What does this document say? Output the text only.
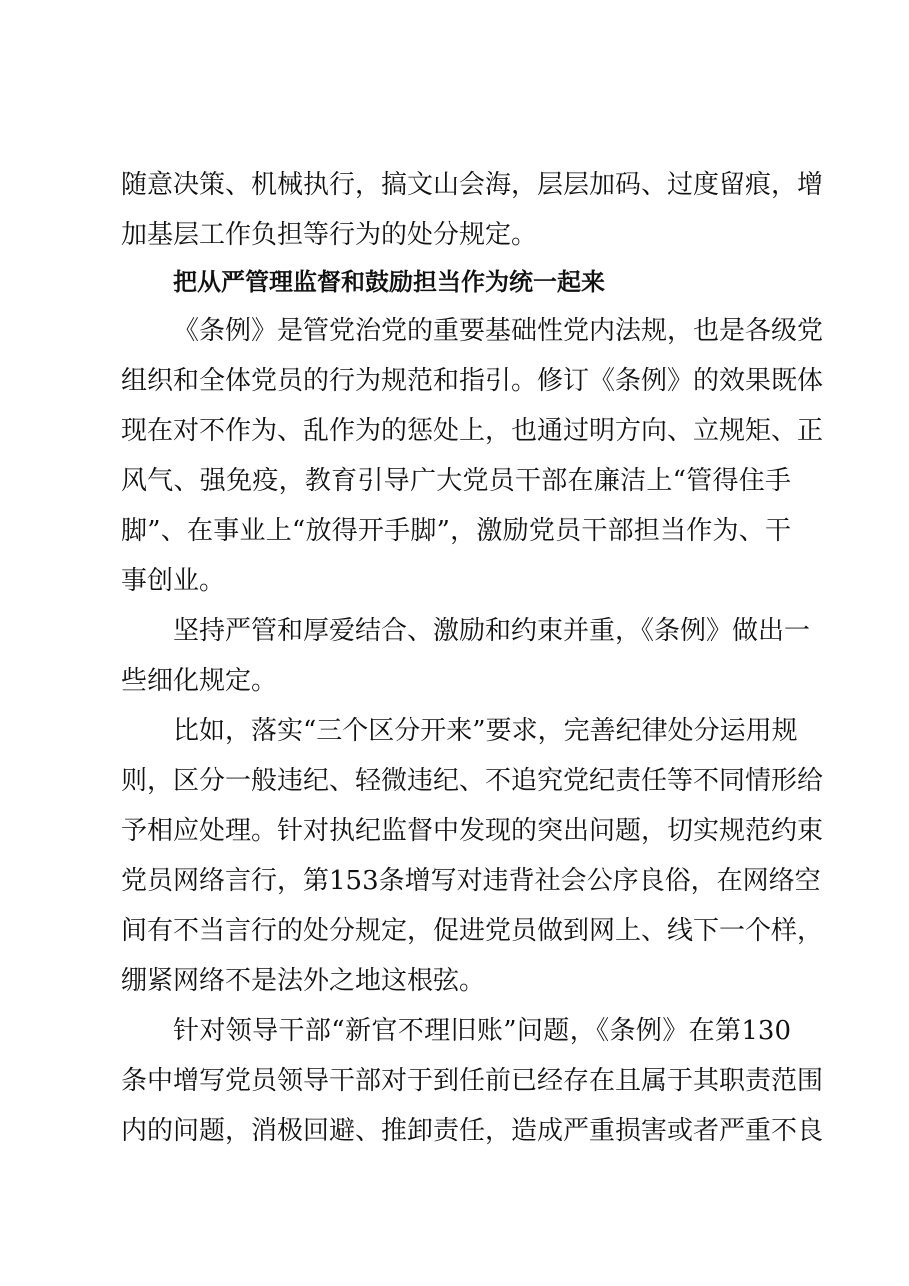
随意决策、机械执行，搞文山会海，层层加码、过度留痕，增
加基层工作负担等行为的处分规定。
把从严管理监督和鼓励担当作为统一起来
《条例》是管党治党的重要基础性党内法规，也是各级党
组织和全体党员的行为规范和指引。修订《条例》的效果既体
现在对不作为、乱作为的惩处上，也通过明方向、立规矩、正
风气、强免疫，教育引导广大党员干部在廉洁上“管得住手
脚”、在事业上“放得开手脚”，激励党员干部担当作为、干
事创业。
坚持严管和厚爱结合、激励和约束并重，《条例》做出一
些细化规定。
比如，落实“三个区分开来”要求，完善纪律处分运用规
则，区分一般违纪、轻微违纪、不追究党纪责任等不同情形给
予相应处理。针对执纪监督中发现的突出问题，切实规范约束
党员网络言行，第153条增写对违背社会公序良俗，在网络空
间有不当言行的处分规定，促进党员做到网上、线下一个样，
绷紧网络不是法外之地这根弦。
针对领导干部“新官不理旧账”问题，《条例》在第130
条中增写党员领导干部对于到任前已经存在且属于其职责范围
内的问题，消极回避、推卸责任，造成严重损害或者严重不良
